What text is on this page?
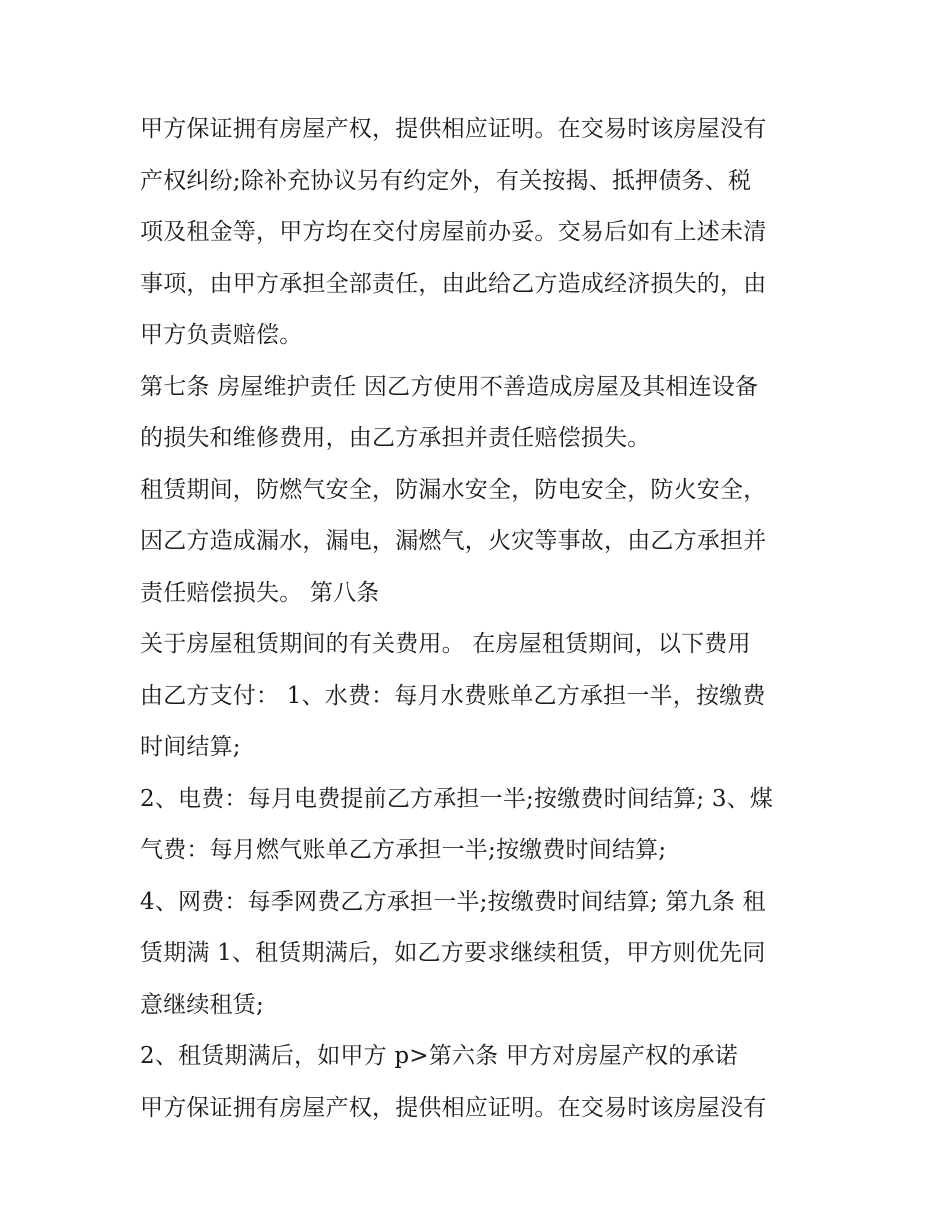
甲方保证拥有房屋产权，提供相应证明。在交易时该房屋没有
产权纠纷;除补充协议另有约定外，有关按揭、抵押债务、税
项及租金等，甲方均在交付房屋前办妥。交易后如有上述未清
事项，由甲方承担全部责任，由此给乙方造成经济损失的，由
甲方负责赔偿。
第七条 房屋维护责任 因乙方使用不善造成房屋及其相连设备
的损失和维修费用，由乙方承担并责任赔偿损失。
租赁期间，防燃气安全，防漏水安全，防电安全，防火安全，
因乙方造成漏水，漏电，漏燃气，火灾等事故，由乙方承担并
责任赔偿损失。 第八条
关于房屋租赁期间的有关费用。 在房屋租赁期间，以下费用
由乙方支付： 1、水费：每月水费账单乙方承担一半，按缴费
时间结算;
2、电费：每月电费提前乙方承担一半;按缴费时间结算; 3、煤
气费：每月燃气账单乙方承担一半;按缴费时间结算;
4、网费：每季网费乙方承担一半;按缴费时间结算; 第九条 租
赁期满 1、租赁期满后，如乙方要求继续租赁，甲方则优先同
意继续租赁;
2、租赁期满后，如甲方 p>第六条 甲方对房屋产权的承诺
甲方保证拥有房屋产权，提供相应证明。在交易时该房屋没有
